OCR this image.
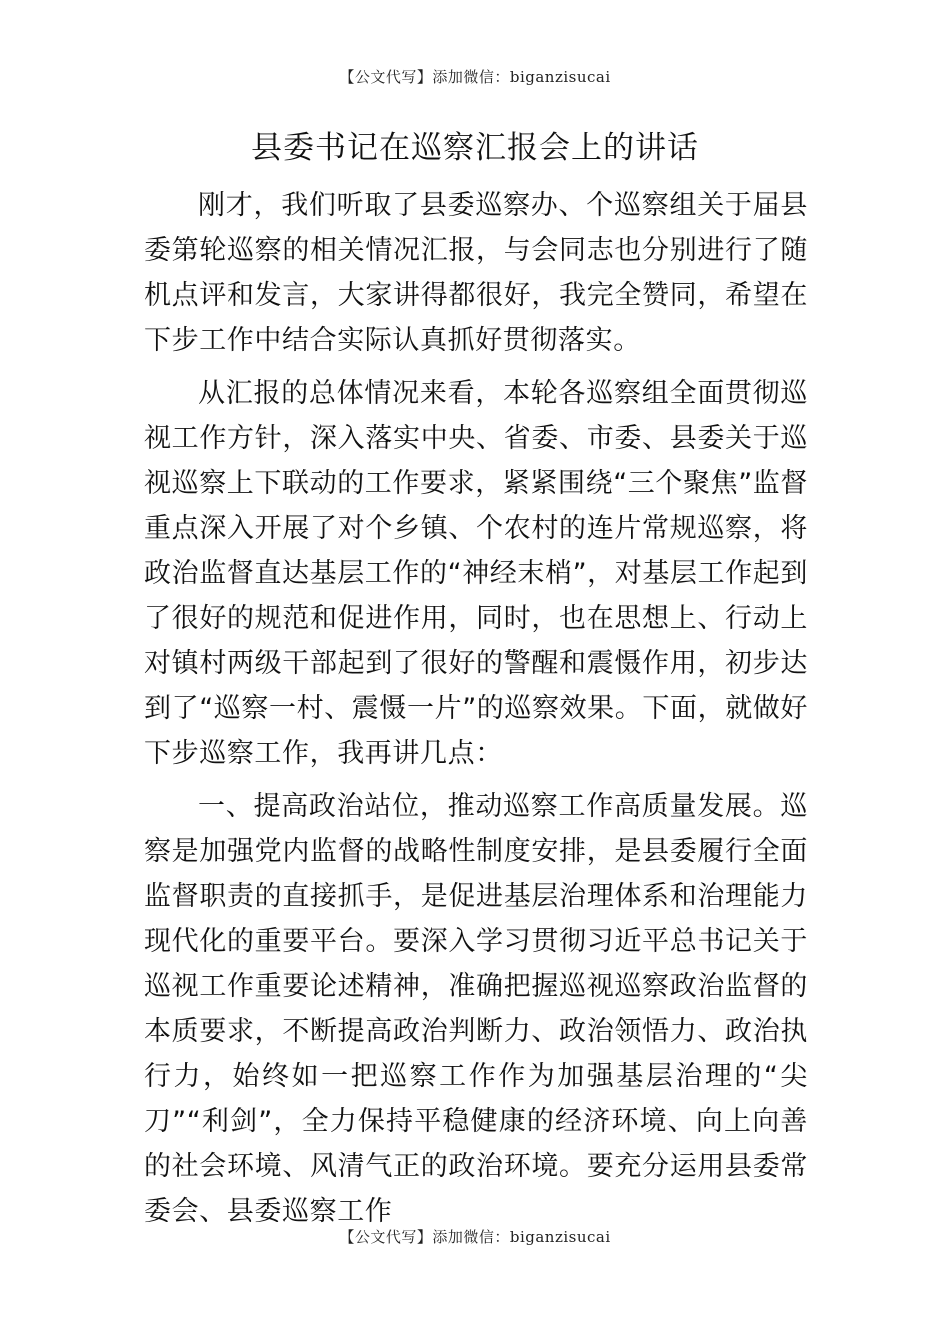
【公文代写】添加微信：biganzisucai
县委书记在巡察汇报会上的讲话

刚才，我们听取了县委巡察办、个巡察组关于届县委第轮巡察的相关情况汇报，与会同志也分别进行了随机点评和发言，大家讲得都很好，我完全赞同，希望在下步工作中结合实际认真抓好贯彻落实。

从汇报的总体情况来看，本轮各巡察组全面贯彻巡视工作方针，深入落实中央、省委、市委、县委关于巡视巡察上下联动的工作要求，紧紧围绕“三个聚焦”监督重点深入开展了对个乡镇、个农村的连片常规巡察，将政治监督直达基层工作的“神经末梢”，对基层工作起到了很好的规范和促进作用，同时，也在思想上、行动上对镇村两级干部起到了很好的警醒和震慑作用，初步达到了“巡察一村、震慑一片”的巡察效果。下面，就做好下步巡察工作，我再讲几点：

一、提高政治站位，推动巡察工作高质量发展。巡察是加强党内监督的战略性制度安排，是县委履行全面监督职责的直接抓手，是促进基层治理体系和治理能力现代化的重要平台。要深入学习贯彻习近平总书记关于巡视工作重要论述精神，准确把握巡视巡察政治监督的本质要求，不断提高政治判断力、政治领悟力、政治执行力，始终如一把巡察工作作为加强基层治理的“尖刀”“利剑”，全力保持平稳健康的经济环境、向上向善的社会环境、风清气正的政治环境。要充分运用县委常委会、县委巡察工作

【公文代写】添加微信：biganzisucai
